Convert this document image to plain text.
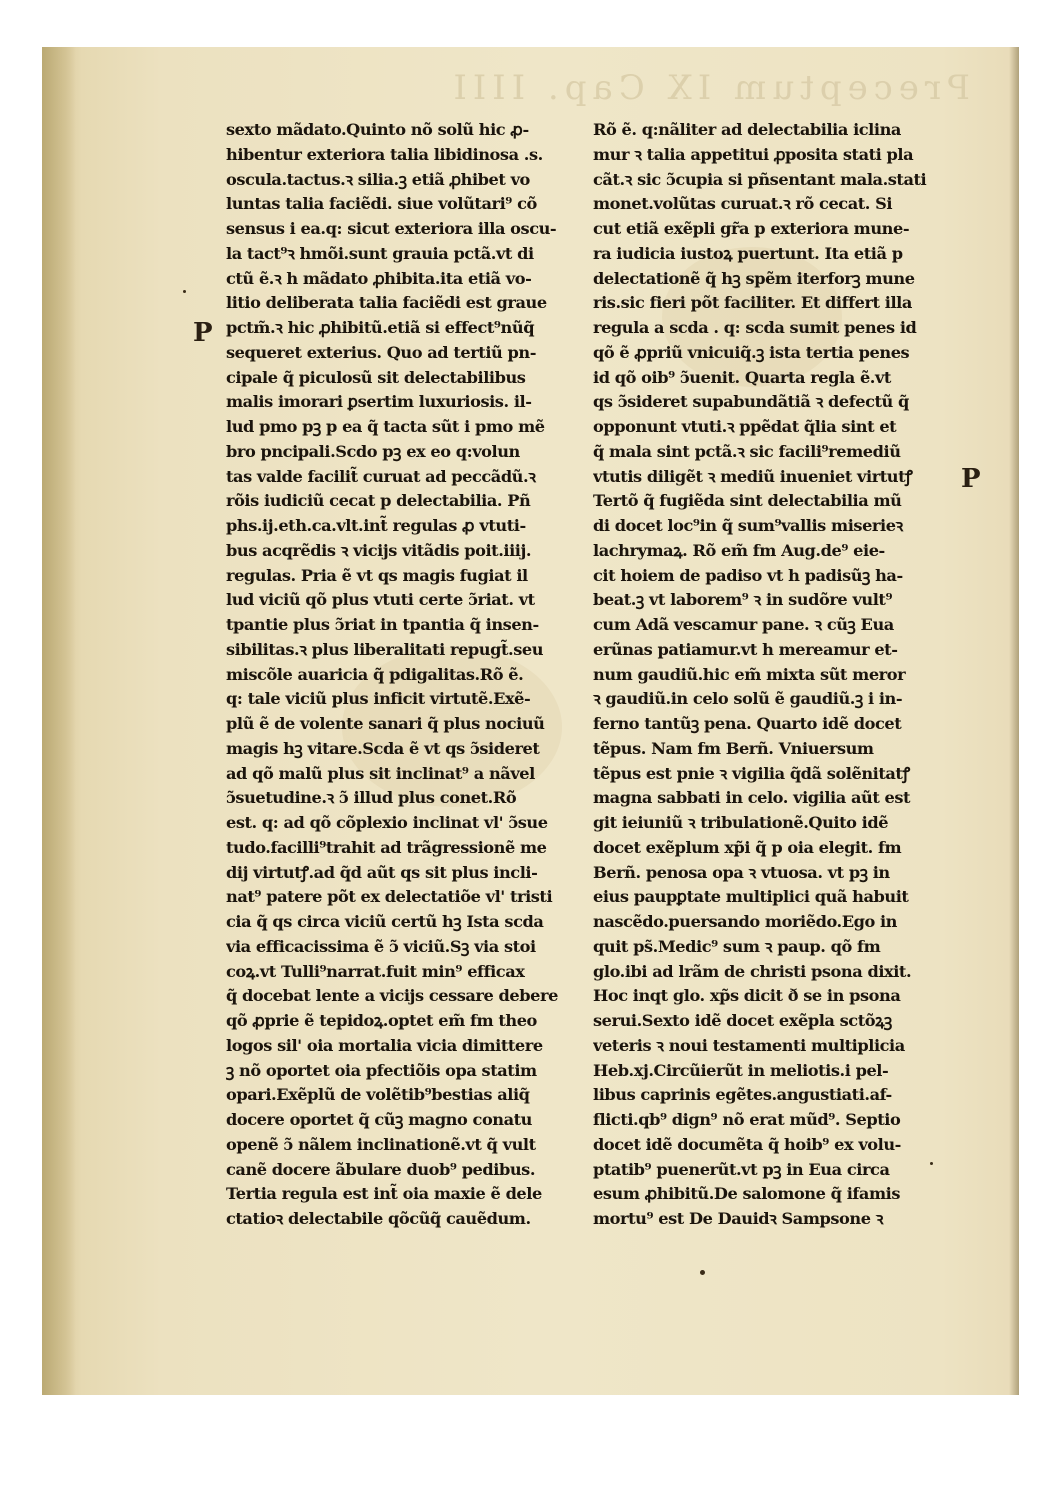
Preceptum IX Cap. IIII
sexto mãdato.Quinto nõ solũ hic ꝓ-
hibentur exteriora talia libidinosa .s.
oscula.tactus.ꝛ silia.ꝫ etiã ꝓhibet vo
luntas talia faciẽdi. siue volũtari⁹ cõ
sensus i ea.q: sicut exteriora illa oscu-
la tact⁹ꝛ hmõi.sunt grauia pctã.vt di
ctũ ẽ.ꝛ h mãdato ꝓhibita.ita etiã vo-
litio deliberata talia faciẽdi est graue
pctm̃.ꝛ hic ꝓhibitũ.etiã si effect⁹nũq̃
sequeret exterius. Quo ad tertiũ pn-
cipale q̃ piculosũ sit delectabilibus
malis imorari ꝑsertim luxuriosis. il-
lud pmo pꝫ p ea q̃ tacta sũt i pmo mẽ
bro pncipali.Scdo pꝫ ex eo q:volun
tas valde facilit̃ curuat ad peccãdũ.ꝛ
rõis iudiciũ cecat p delectabilia. Pñ
phs.ij.eth.ca.vlt.int̃ regulas ꝓ vtuti-
bus acqrẽdis ꝛ vicijs vitãdis poit.iiij.
regulas. Pria ẽ vt qs magis fugiat il
lud viciũ qõ plus vtuti certe ɔ̃riat. vt
tpantie plus ɔ̃riat in tpantia q̃ insen-
sibilitas.ꝛ plus liberalitati repugt̃.seu
miscõle auaricia q̃ pdigalitas.Rõ ẽ.
q: tale viciũ plus inficit virtutẽ.Exẽ-
plũ ẽ de volente sanari q̃ plus nociuũ
magis hꝫ vitare.Scda ẽ vt qs ɔ̃sideret
ad qõ malũ plus sit inclinat⁹ a nãvel
ɔ̃suetudine.ꝛ ɔ̃ illud plus conet.Rõ
est. q: ad qõ cõplexio inclinat vl' ɔ̃sue
tudo.facilli⁹trahit ad trãgressionẽ me
dij virtutꝭ.ad q̃d aũt qs sit plus incli-
nat⁹ patere põt ex delectatiõe vl' tristi
cia q̃ qs circa viciũ certũ hꝫ Ista scda
via efficacissima ẽ ɔ̃ viciũ.Sꝫ via stoi
coꝝ.vt Tulli⁹narrat.fuit min⁹ efficax
q̃ docebat lente a vicijs cessare debere
qõ ꝓprie ẽ tepidoꝝ.optet em̃ fm theo
logos sil' oia mortalia vicia dimittere
ꝫ nõ oportet oia pfectiõis opa statim
opari.Exẽplũ de volẽtib⁹bestias aliq̃
docere oportet q̃ cũꝫ magno conatu
openẽ ɔ̃ nãlem inclinationẽ.vt q̃ vult
canẽ docere ãbulare duob⁹ pedibus.
Tertia regula est int̃ oia maxie ẽ dele
ctatioꝛ delectabile qõcũq̃ cauẽdum.
Rõ ẽ. q:nãliter ad delectabilia iclina
mur ꝛ talia appetitui ꝓposita stati pla
cãt.ꝛ sic ɔ̃cupia si pñsentant mala.stati
monet.volũtas curuat.ꝛ rõ cecat. Si
cut etiã exẽpli gr̃a p exteriora mune-
ra iudicia iustoꝝ puertunt. Ita etiã p
delectationẽ q̃ hꝫ spẽm iterforꝫ mune
ris.sic fieri põt faciliter. Et differt illa
regula a scda . q: scda sumit penes id
qõ ẽ ꝓpriũ vnicuiq̃.ꝫ ista tertia penes
id qõ oib⁹ ɔ̃uenit. Quarta regla ẽ.vt
qs ɔ̃sideret supabundãtiã ꝛ defectũ q̃
opponunt vtuti.ꝛ ppẽdat q̃lia sint et
q̃ mala sint pctã.ꝛ sic facili⁹remediũ
vtutis diligẽt ꝛ mediũ inueniet virtutꝭ
Tertõ q̃ fugiẽda sint delectabilia mũ
di docet loc⁹in q̃ sum⁹vallis miserieꝛ
lachrymaꝝ. Rõ em̃ fm Aug.de⁹ eie-
cit hoiem de padiso vt h padisũꝫ ha-
beat.ꝫ vt laborem⁹ ꝛ in sudõre vult⁹
cum Adã vescamur pane. ꝛ cũꝫ Eua
erũnas patiamur.vt h mereamur et-
num gaudiũ.hic em̃ mixta sũt meror
ꝛ gaudiũ.in celo solũ ẽ gaudiũ.ꝫ i in-
ferno tantũꝫ pena. Quarto idẽ docet
tẽpus. Nam fm Berñ. Vniuersum
tẽpus est pnie ꝛ vigilia q̃dã solẽnitatꝭ
magna sabbati in celo. vigilia aũt est
git ieiuniũ ꝛ tribulationẽ.Quito idẽ
docet exẽplum xp̃i q̃ p oia elegit. fm
Berñ. penosa opa ꝛ vtuosa. vt pꝫ in
eius paupꝑtate multiplici quã habuit
nascẽdo.puersando moriẽdo.Ego in
quit ps̃.Medic⁹ sum ꝛ paup. qõ fm
glo.ibi ad lrãm de christi psona dixit.
Hoc inqt glo. xp̃s dicit ð se in psona
serui.Sexto idẽ docet exẽpla sctõꝝꝫ
veteris ꝛ noui testamenti multiplicia
Heb.xj.Circũierũt in meliotis.i pel-
libus caprinis egẽtes.angustiati.af-
flicti.qb⁹ dign⁹ nõ erat mũd⁹. Septio
docet idẽ documẽta q̃ hoib⁹ ex volu-
ptatib⁹ puenerũt.vt pꝫ in Eua circa
esum ꝓhibitũ.De salomone q̃ ifamis
mortu⁹ est De Dauidꝛ Sampsone ꝛ
P
P
